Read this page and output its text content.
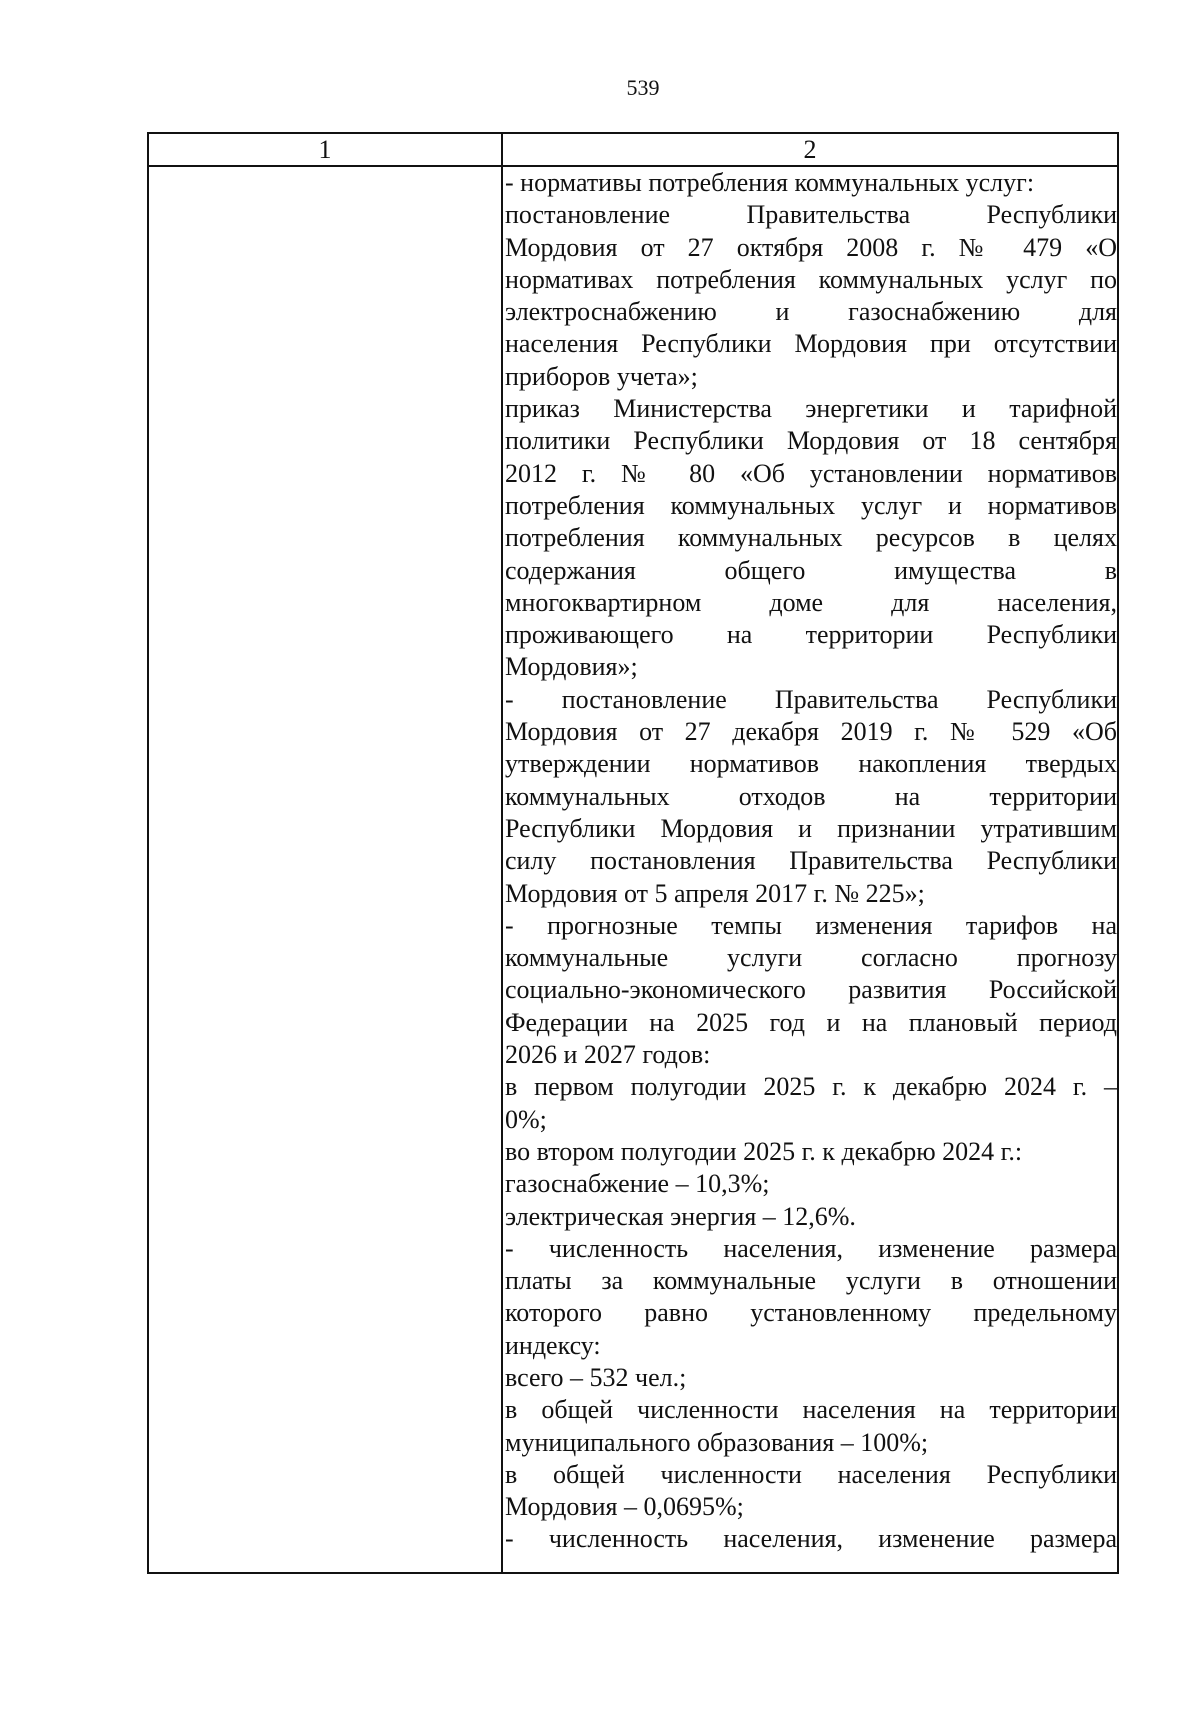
539
1	2
- нормативы потребления коммунальных услуг:
постановление Правительства Республики
Мордовия от 27 октября 2008 г. № 479 «О
нормативах потребления коммунальных услуг по
электроснабжению и газоснабжению для
населения Республики Мордовия при отсутствии
приборов учета»;
приказ Министерства энергетики и тарифной
политики Республики Мордовия от 18 сентября
2012 г. № 80 «Об установлении нормативов
потребления коммунальных услуг и нормативов
потребления коммунальных ресурсов в целях
содержания общего имущества в
многоквартирном доме для населения,
проживающего на территории Республики
Мордовия»;
- постановление Правительства Республики
Мордовия от 27 декабря 2019 г. № 529 «Об
утверждении нормативов накопления твердых
коммунальных отходов на территории
Республики Мордовия и признании утратившим
силу постановления Правительства Республики
Мордовия от 5 апреля 2017 г. № 225»;
- прогнозные темпы изменения тарифов на
коммунальные услуги согласно прогнозу
социально-экономического развития Российской
Федерации на 2025 год и на плановый период
2026 и 2027 годов:
в первом полугодии 2025 г. к декабрю 2024 г. –
0%;
во втором полугодии 2025 г. к декабрю 2024 г.:
газоснабжение – 10,3%;
электрическая энергия – 12,6%.
- численность населения, изменение размера
платы за коммунальные услуги в отношении
которого равно установленному предельному
индексу:
всего – 532 чел.;
в общей численности населения на территории
муниципального образования – 100%;
в общей численности населения Республики
Мордовия – 0,0695%;
- численность населения, изменение размера
